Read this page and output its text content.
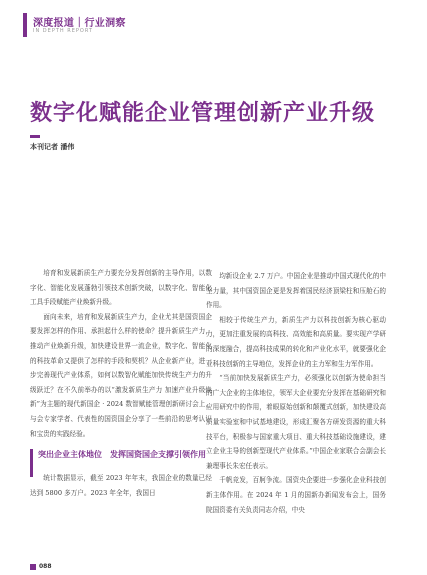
深度报道｜行业洞察
IN DEPTH REPORT
数字化赋能企业管理创新产业升级
本刊记者 潘伟

培育和发展新质生产力要充分发挥创新的主导作用，以数字化、智能化发展蓬勃引领技术创新突破，以数字化、智能化工具手段赋能产业焕新升级。

面向未来，培育和发展新质生产力，企业尤其是国资国企要发挥怎样的作用、承担起什么样的使命？提升新质生产力，推动产业焕新升级，加快建设世界一流企业，数字化、智能化的科技革命又提供了怎样的手段和契机？从企业新产业，进一步完善现代产业体系，如何以数智化赋能加快传统生产力的升级跃迁？在不久前举办的以“激发新质生产力 加速产业升级焕新”为主题的现代新国企 · 2024 数智赋能管理创新研讨会上，与会专家学者、代表性的国资国企分享了一些前沿的思考认识和宝贵的实践经验。

突出企业主体地位　发挥国资国企支撑引领作用

统计数据显示，截至 2023 年年末，我国企业的数量已经达到 5800 多万户。2023 年全年，我国日

均新设企业 2.7 万户。中国企业是推动中国式现代化的中坚力量，其中国资国企更是发挥着国民经济顶梁柱和压舱石的作用。

相较于传统生产力，新质生产力以科技创新为核心驱动力，更加注重发展的高科技、高效能和高质量。要实现产学研的深度融合，提高科技成果的转化和产业化水平，就要强化企业科技创新的主导地位，发挥企业的主力军和生力军作用。

“当前加快发展新质生产力，必须强化以创新为使命担当的广大企业的主体地位，领军大企业要充分发挥在基础研究和应用研究中的作用，着眼原始创新和颠覆式创新，加快建设高质量实验室和中试基地建设，形成汇聚各方研发资源的重大科技平台，积极参与国家重大项目、重大科技基础设施建设，建立企业主导的创新型现代产业体系。”中国企业家联合会副会长兼理事长朱宏任表示。

千帆竞发，百舸争流。国资央企要进一步强化企业科技创新主体作用。在 2024 年 1 月的国新办新闻发布会上，国务院国资委有关负责同志介绍，中央

088
